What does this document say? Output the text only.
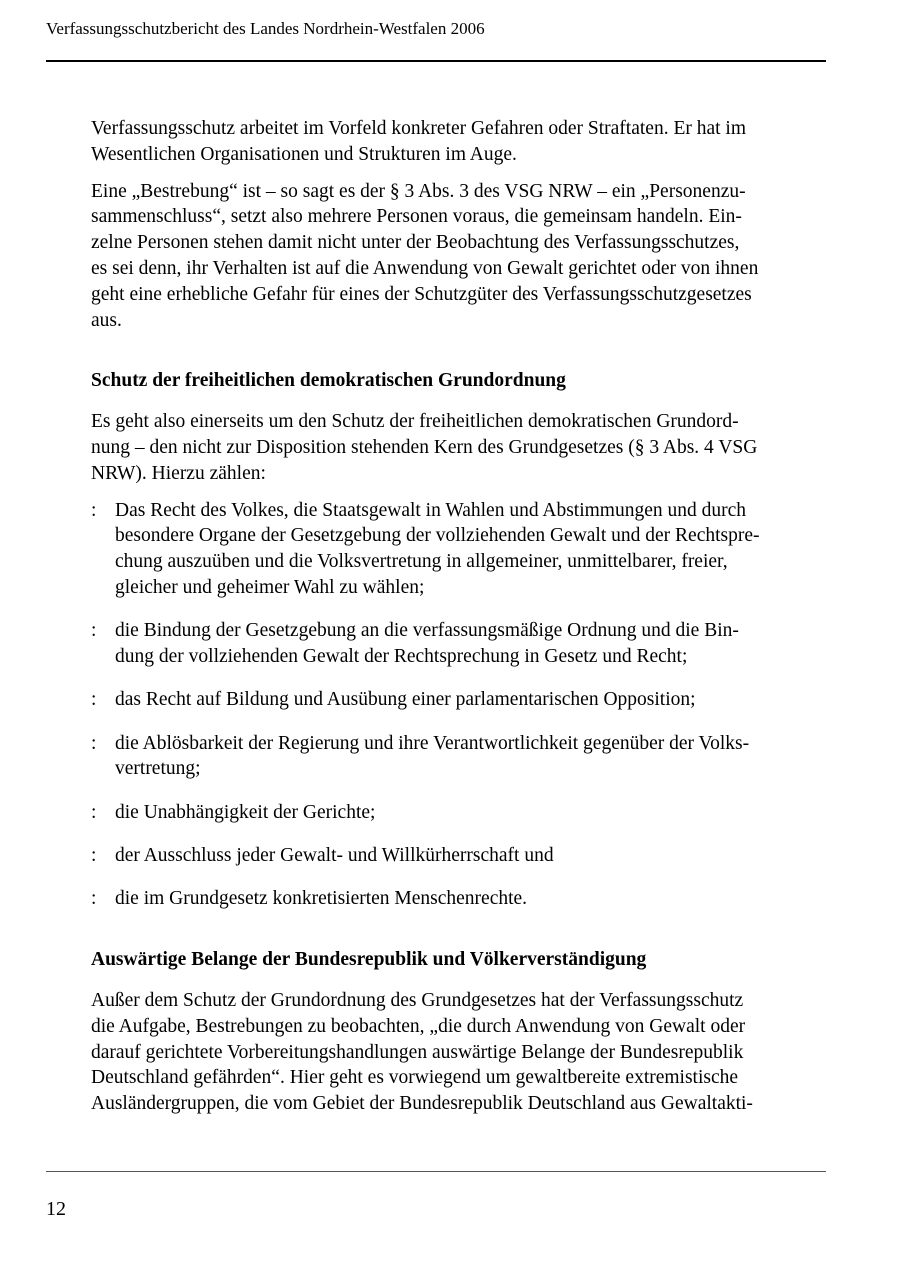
Verfassungsschutzbericht des Landes Nordrhein-Westfalen 2006

Verfassungsschutz arbeitet im Vorfeld konkreter Gefahren oder Straftaten. Er hat im
Wesentlichen Organisationen und Strukturen im Auge.

Eine „Bestrebung“ ist – so sagt es der § 3 Abs. 3 des VSG NRW – ein „Personenzu-
sammenschluss“, setzt also mehrere Personen voraus, die gemeinsam handeln. Ein-
zelne Personen stehen damit nicht unter der Beobachtung des Verfassungsschutzes,
es sei denn, ihr Verhalten ist auf die Anwendung von Gewalt gerichtet oder von ihnen
geht eine erhebliche Gefahr für eines der Schutzgüter des Verfassungsschutzgesetzes
aus.

Schutz der freiheitlichen demokratischen Grundordnung

Es geht also einerseits um den Schutz der freiheitlichen demokratischen Grundord-
nung – den nicht zur Disposition stehenden Kern des Grundgesetzes (§ 3 Abs. 4 VSG
NRW). Hierzu zählen:

: Das Recht des Volkes, die Staatsgewalt in Wahlen und Abstimmungen und durch
besondere Organe der Gesetzgebung der vollziehenden Gewalt und der Rechtspre-
chung auszuüben und die Volksvertretung in allgemeiner, unmittelbarer, freier,
gleicher und geheimer Wahl zu wählen;
: die Bindung der Gesetzgebung an die verfassungsmäßige Ordnung und die Bin-
dung der vollziehenden Gewalt der Rechtsprechung in Gesetz und Recht;
: das Recht auf Bildung und Ausübung einer parlamentarischen Opposition;
: die Ablösbarkeit der Regierung und ihre Verantwortlichkeit gegenüber der Volks-
vertretung;
: die Unabhängigkeit der Gerichte;
: der Ausschluss jeder Gewalt- und Willkürherrschaft und
: die im Grundgesetz konkretisierten Menschenrechte.
Auswärtige Belange der Bundesrepublik und Völkerverständigung

Außer dem Schutz der Grundordnung des Grundgesetzes hat der Verfassungsschutz
die Aufgabe, Bestrebungen zu beobachten, „die durch Anwendung von Gewalt oder
darauf gerichtete Vorbereitungshandlungen auswärtige Belange der Bundesrepublik
Deutschland gefährden“. Hier geht es vorwiegend um gewaltbereite extremistische
Ausländergruppen, die vom Gebiet der Bundesrepublik Deutschland aus Gewaltakti-

12
